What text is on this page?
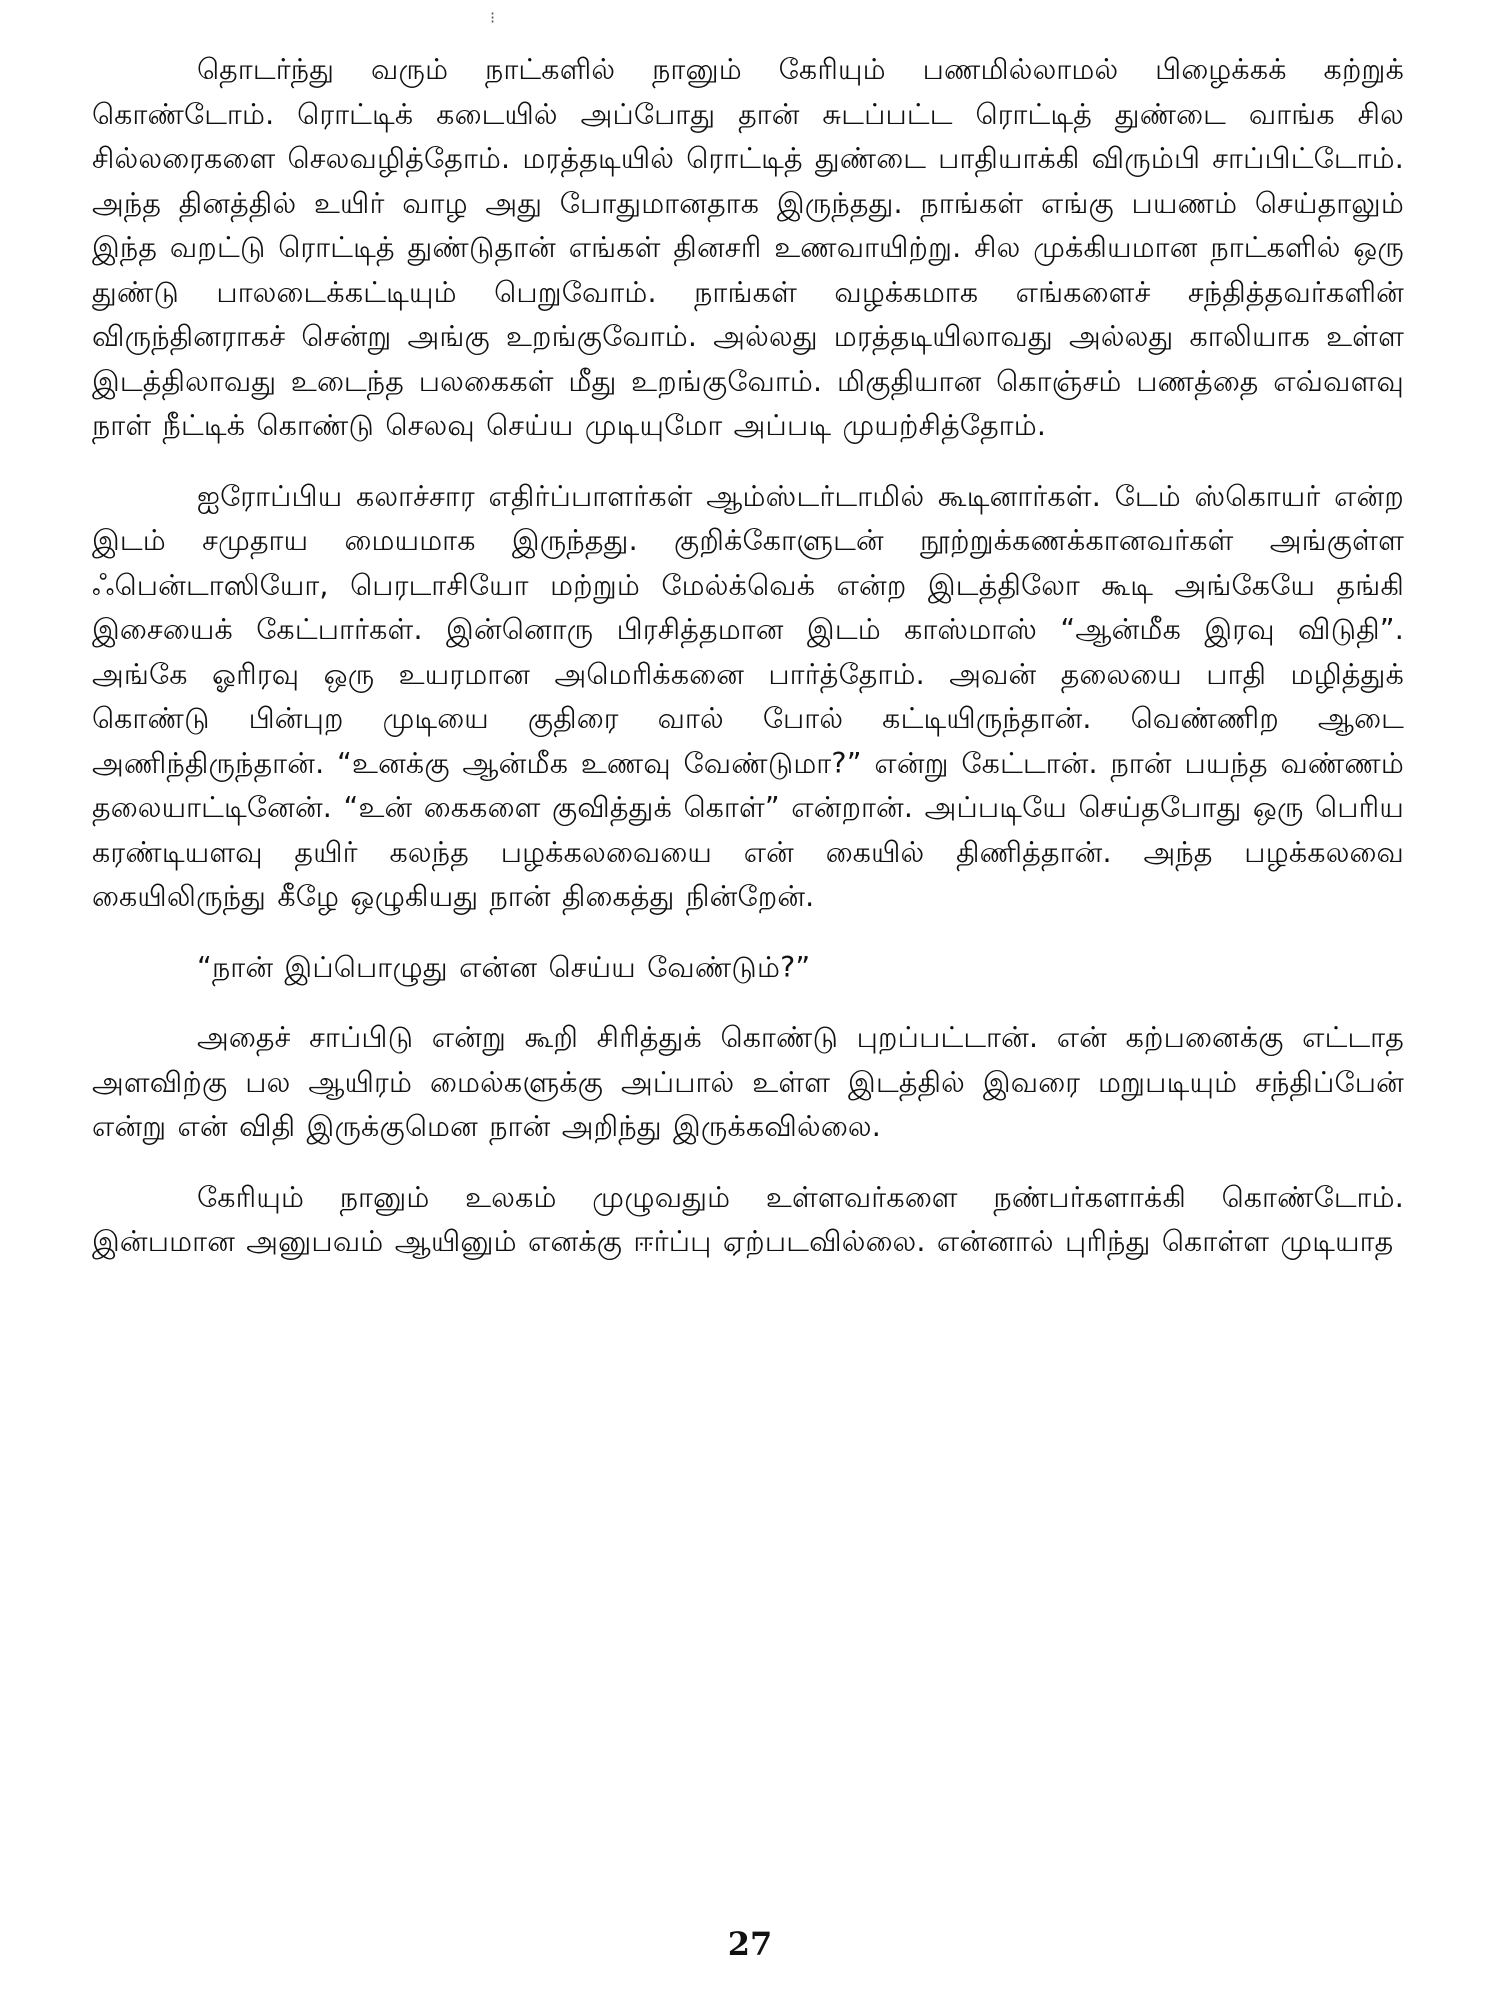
⁝

தொடர்ந்து வரும் நாட்களில் நானும் கேரியும் பணமில்லாமல் பிழைக்கக் கற்றுக் கொண்டோம். ரொட்டிக் கடையில் அப்போது தான் சுடப்பட்ட ரொட்டித் துண்டை வாங்க சில சில்லரைகளை செலவழித்தோம். மரத்தடியில் ரொட்டித் துண்டை பாதியாக்கி விரும்பி சாப்பிட்டோம். அந்த தினத்தில் உயிர் வாழ அது போதுமானதாக இருந்தது. நாங்கள் எங்கு பயணம் செய்தாலும் இந்த வறட்டு ரொட்டித் துண்டுதான் எங்கள் தினசரி உணவாயிற்று. சில முக்கியமான நாட்களில் ஒரு துண்டு பாலடைக்கட்டியும் பெறுவோம். நாங்கள் வழக்கமாக எங்களைச் சந்தித்தவர்களின் விருந்தினராகச் சென்று அங்கு உறங்குவோம். அல்லது மரத்தடியிலாவது அல்லது காலியாக உள்ள இடத்திலாவது உடைந்த பலகைகள் மீது உறங்குவோம். மிகுதியான கொஞ்சம் பணத்தை எவ்வளவு நாள் நீட்டிக் கொண்டு செலவு செய்ய முடியுமோ அப்படி முயற்சித்தோம்.

ஐரோப்பிய கலாச்சார எதிர்ப்பாளர்கள் ஆம்ஸ்டர்டாமில் கூடினார்கள். டேம் ஸ்கொயர் என்ற இடம் சமுதாய மையமாக இருந்தது. குறிக்கோளுடன் நூற்றுக்கணக்கானவர்கள் அங்குள்ள ஃபென்டாஸியோ, பெரடாசியோ மற்றும் மேல்க்வெக் என்ற இடத்திலோ கூடி அங்கேயே தங்கி இசையைக் கேட்பார்கள். இன்னொரு பிரசித்தமான இடம் காஸ்மாஸ் “ஆன்மீக இரவு விடுதி”. அங்கே ஓரிரவு ஒரு உயரமான அமெரிக்கனை பார்த்தோம். அவன் தலையை பாதி மழித்துக் கொண்டு பின்புற முடியை குதிரை வால் போல் கட்டியிருந்தான். வெண்ணிற ஆடை அணிந்திருந்தான். “உனக்கு ஆன்மீக உணவு வேண்டுமா?” என்று கேட்டான். நான் பயந்த வண்ணம் தலையாட்டினேன். “உன் கைகளை குவித்துக் கொள்” என்றான். அப்படியே செய்தபோது ஒரு பெரிய கரண்டியளவு தயிர் கலந்த பழக்கலவையை என் கையில் திணித்தான். அந்த பழக்கலவை கையிலிருந்து கீழே ஒழுகியது நான் திகைத்து நின்றேன்.

“நான் இப்பொழுது என்ன செய்ய வேண்டும்?”

அதைச் சாப்பிடு என்று கூறி சிரித்துக் கொண்டு புறப்பட்டான். என் கற்பனைக்கு எட்டாத அளவிற்கு பல ஆயிரம் மைல்களுக்கு அப்பால் உள்ள இடத்தில் இவரை மறுபடியும் சந்திப்பேன் என்று என் விதி இருக்குமென நான் அறிந்து இருக்கவில்லை.

கேரியும் நானும் உலகம் முழுவதும் உள்ளவர்களை நண்பர்களாக்கி கொண்டோம். இன்பமான அனுபவம் ஆயினும் எனக்கு ஈர்ப்பு ஏற்படவில்லை. என்னால் புரிந்து கொள்ள முடியாத

27
